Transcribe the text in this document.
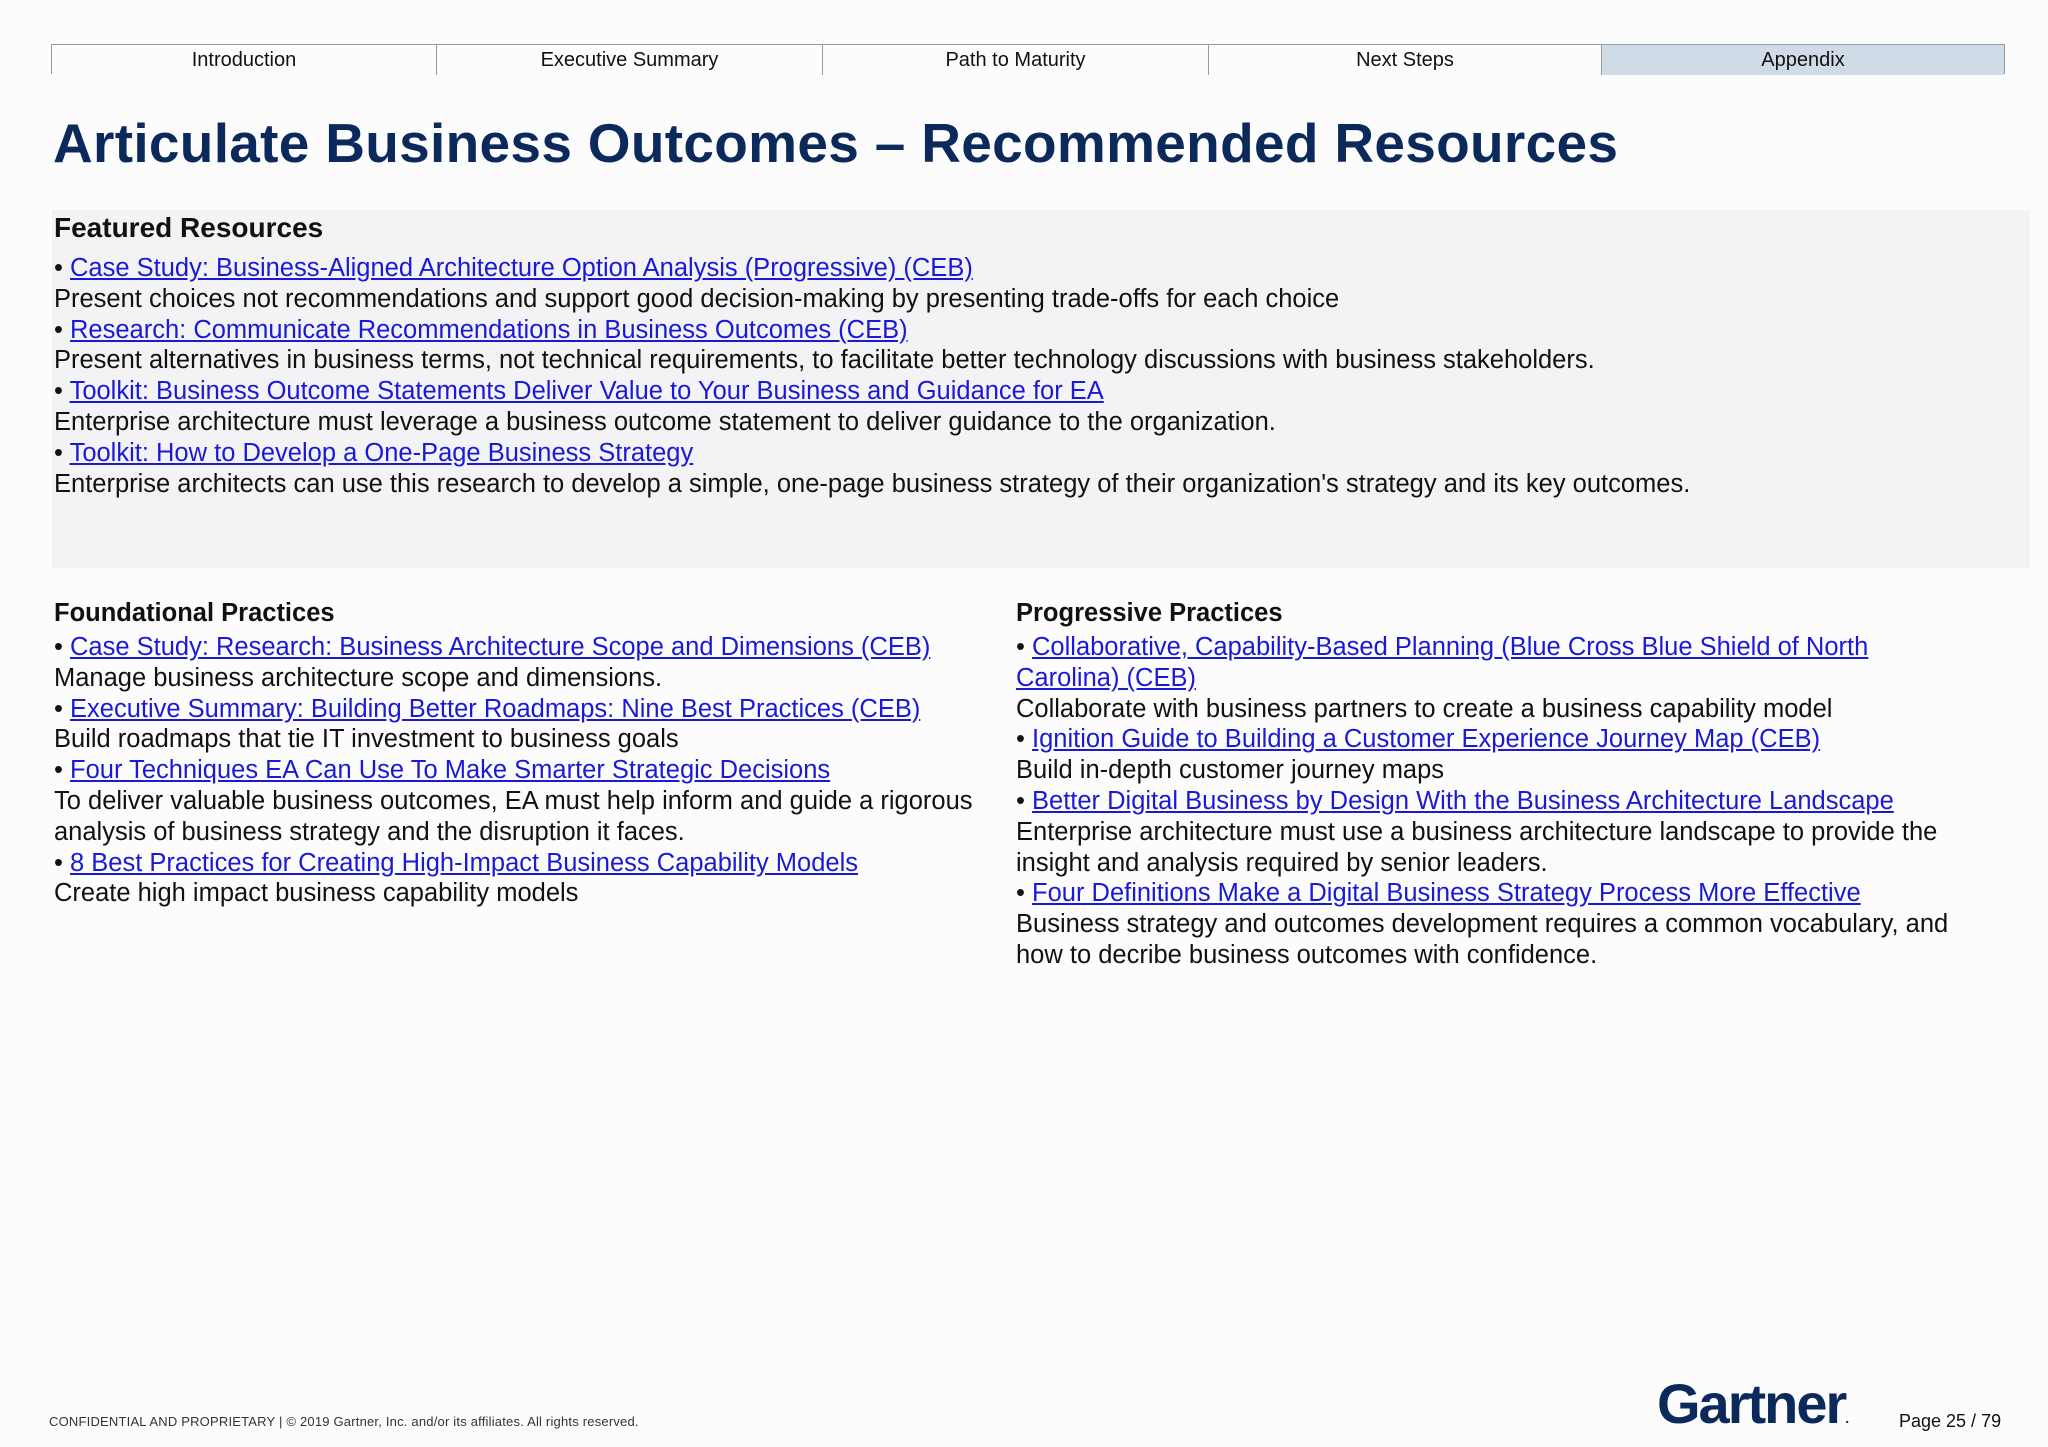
Introduction	Executive Summary	Path to Maturity	Next Steps	Appendix
Articulate Business Outcomes – Recommended Resources
Featured Resources
• Case Study: Business-Aligned Architecture Option Analysis (Progressive) (CEB)
Present choices not recommendations and support good decision-making by presenting trade-offs for each choice
• Research: Communicate Recommendations in Business Outcomes (CEB)
Present alternatives in business terms, not technical requirements, to facilitate better technology discussions with business stakeholders.
• Toolkit: Business Outcome Statements Deliver Value to Your Business and Guidance for EA
Enterprise architecture must leverage a business outcome statement to deliver guidance to the organization.
• Toolkit: How to Develop a One-Page Business Strategy
Enterprise architects can use this research to develop a simple, one-page business strategy of their organization's strategy and its key outcomes.
Foundational Practices
• Case Study: Research: Business Architecture Scope and Dimensions (CEB)
Manage business architecture scope and dimensions.
• Executive Summary: Building Better Roadmaps: Nine Best Practices (CEB)
Build roadmaps that tie IT investment to business goals
• Four Techniques EA Can Use To Make Smarter Strategic Decisions
To deliver valuable business outcomes, EA must help inform and guide a rigorous analysis of business strategy and the disruption it faces.
• 8 Best Practices for Creating High-Impact Business Capability Models
Create high impact business capability models
Progressive Practices
• Collaborative, Capability-Based Planning (Blue Cross Blue Shield of North Carolina) (CEB)
Collaborate with business partners to create a business capability model
• Ignition Guide to Building a Customer Experience Journey Map (CEB)
Build in-depth customer journey maps
• Better Digital Business by Design With the Business Architecture Landscape
Enterprise architecture must use a business architecture landscape to provide the insight and analysis required by senior leaders.
• Four Definitions Make a Digital Business Strategy Process More Effective
Business strategy and outcomes development requires a common vocabulary, and how to decribe business outcomes with confidence.
CONFIDENTIAL AND PROPRIETARY | © 2019 Gartner, Inc. and/or its affiliates. All rights reserved.	Gartner.	Page 25 / 79
